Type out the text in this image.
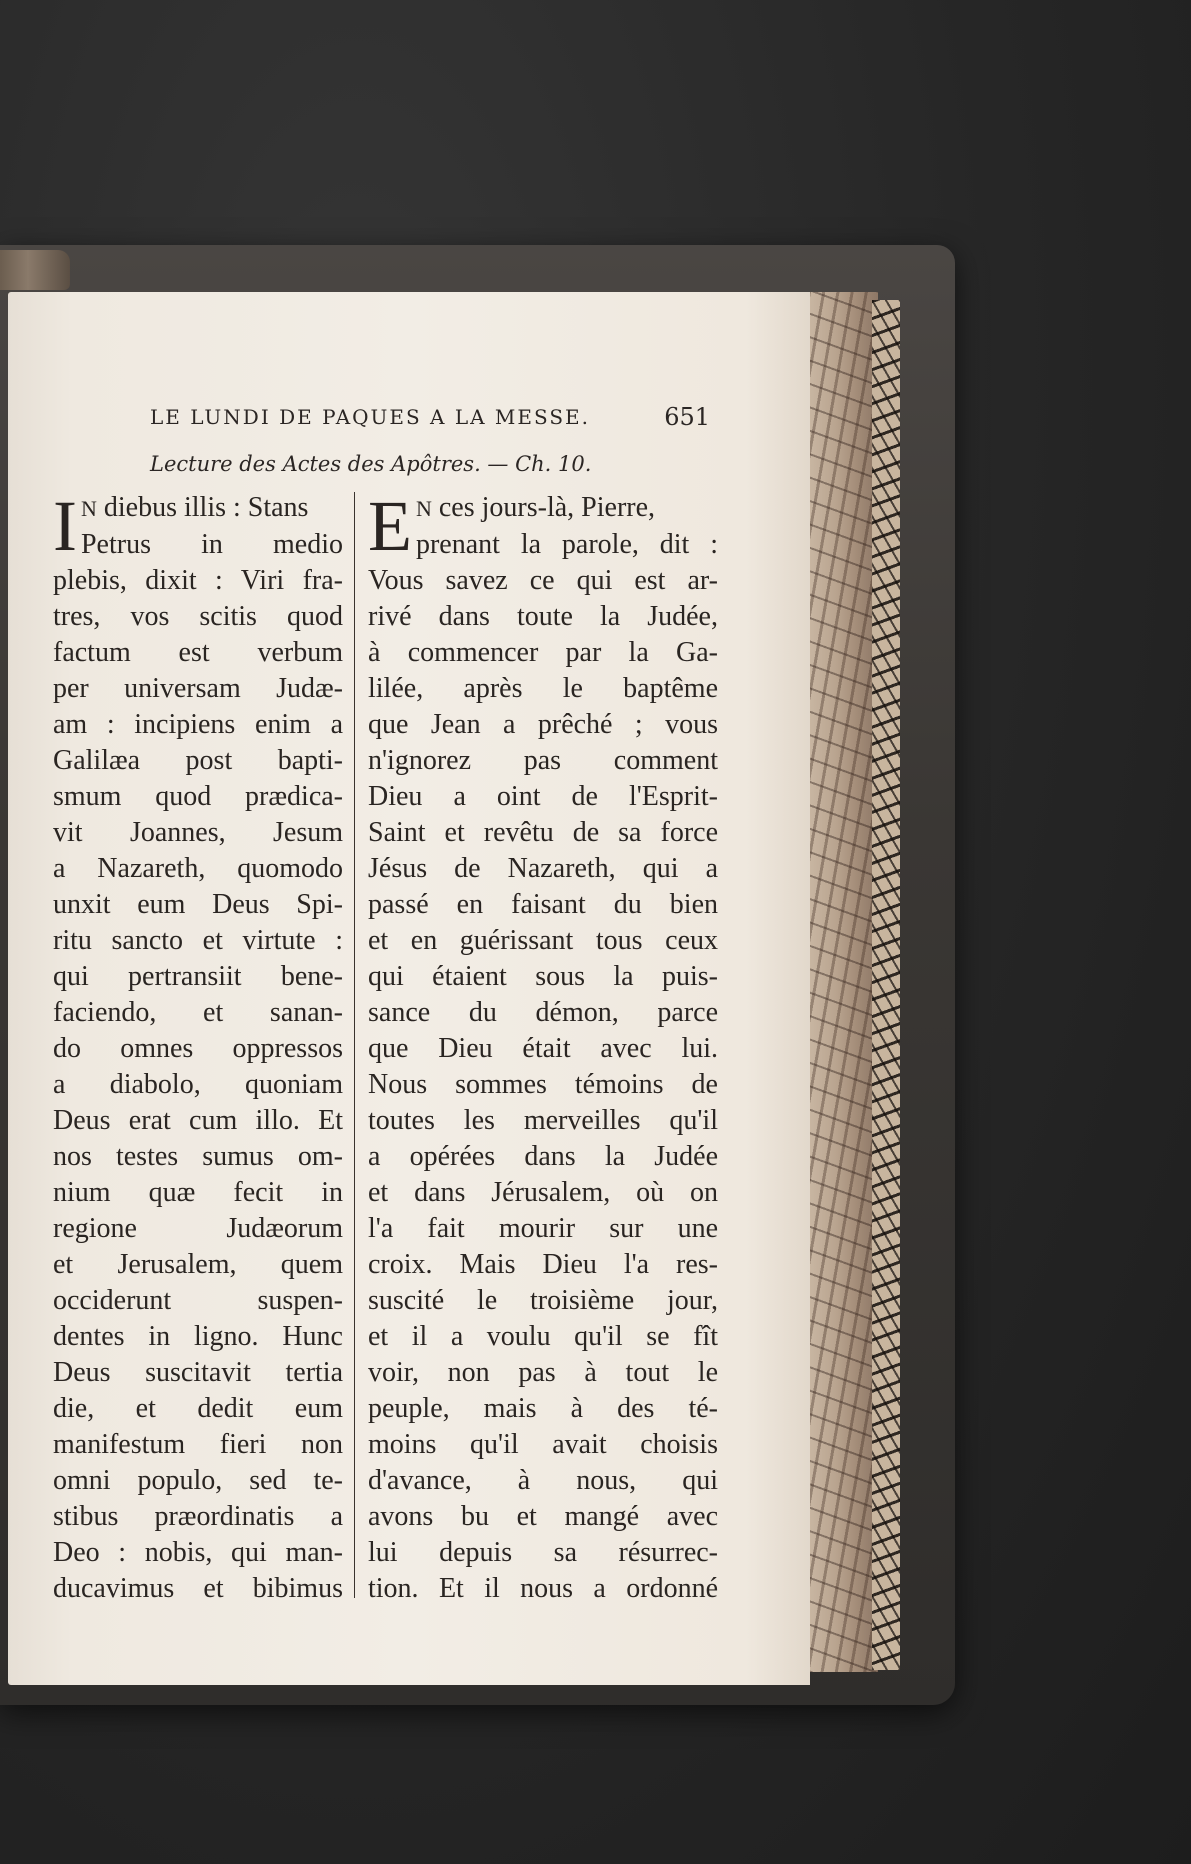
LE LUNDI DE PAQUES A LA MESSE.	651
Lecture des Actes des Apôtres. — Ch. 10.
I N diebus illis : Stans
Petrus in medio
plebis, dixit : Viri fra-
tres, vos scitis quod
factum est verbum
per universam Judæ-
am : incipiens enim a
Galilæa post bapti-
smum quod prædica-
vit Joannes, Jesum
a Nazareth, quomodo
unxit eum Deus Spi-
ritu sancto et virtute :
qui pertransiit bene-
faciendo, et sanan-
do omnes oppressos
a diabolo, quoniam
Deus erat cum illo. Et
nos testes sumus om-
nium quæ fecit in
regione Judæorum
et Jerusalem, quem
occiderunt suspen-
dentes in ligno. Hunc
Deus suscitavit tertia
die, et dedit eum
manifestum fieri non
omni populo, sed te-
stibus præordinatis a
Deo : nobis, qui man-
ducavimus et bibimus
E N ces jours-là, Pierre,
prenant la parole, dit :
Vous savez ce qui est ar-
rivé dans toute la Judée,
à commencer par la Ga-
lilée, après le baptême
que Jean a prêché ; vous
n'ignorez pas comment
Dieu a oint de l'Esprit-
Saint et revêtu de sa force
Jésus de Nazareth, qui a
passé en faisant du bien
et en guérissant tous ceux
qui étaient sous la puis-
sance du démon, parce
que Dieu était avec lui.
Nous sommes témoins de
toutes les merveilles qu'il
a opérées dans la Judée
et dans Jérusalem, où on
l'a fait mourir sur une
croix. Mais Dieu l'a res-
suscité le troisième jour,
et il a voulu qu'il se fît
voir, non pas à tout le
peuple, mais à des té-
moins qu'il avait choisis
d'avance, à nous, qui
avons bu et mangé avec
lui depuis sa résurrec-
tion. Et il nous a ordonné
